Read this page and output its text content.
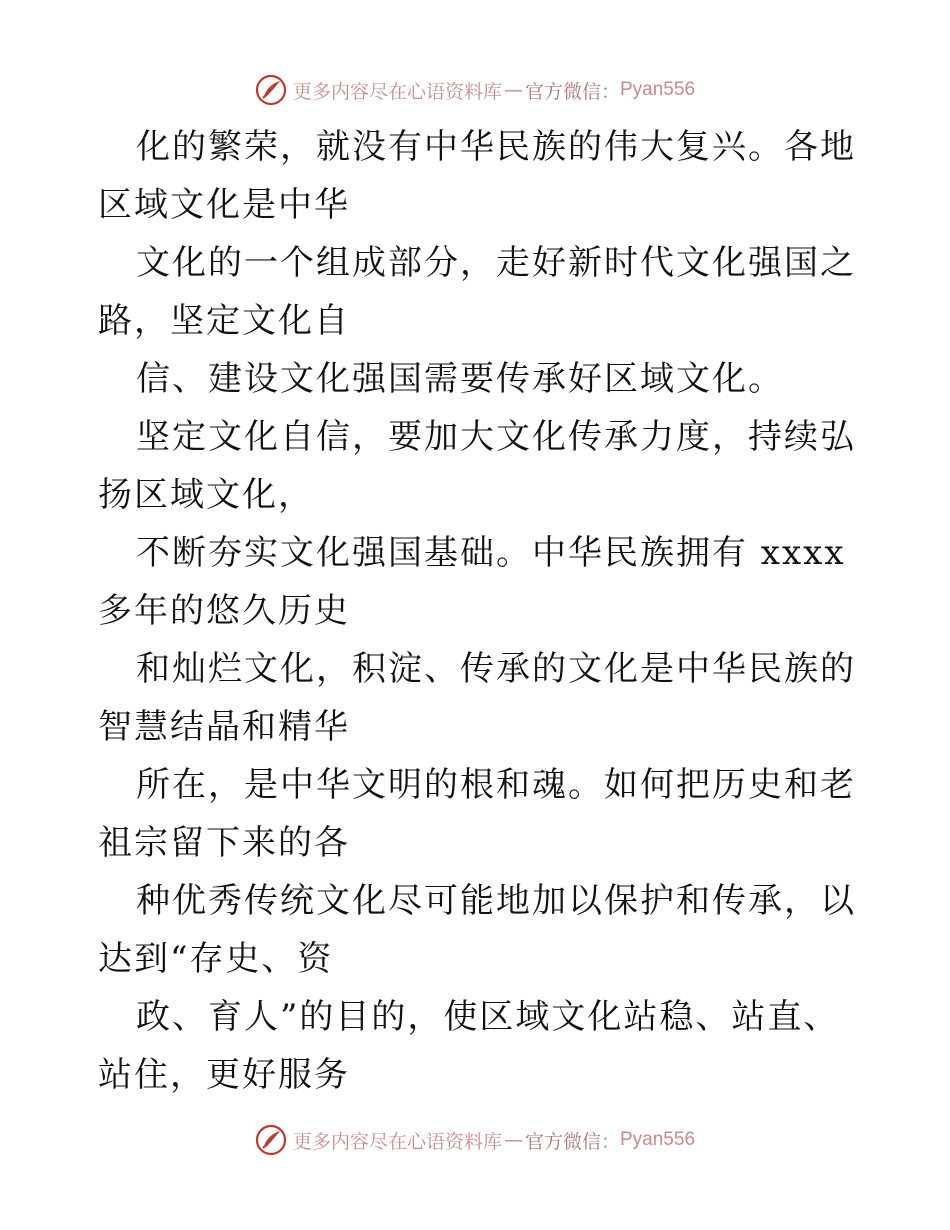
更多内容尽在心语资料库 — 官方微信： Pyan556

化的繁荣，就没有中华民族的伟大复兴。各地区域文化是中华

文化的一个组成部分，走好新时代文化强国之路，坚定文化自

信、建设文化强国需要传承好区域文化。

坚定文化自信，要加大文化传承力度，持续弘扬区域文化，

不断夯实文化强国基础。中华民族拥有 xxxx 多年的悠久历史

和灿烂文化，积淀、传承的文化是中华民族的智慧结晶和精华

所在，是中华文明的根和魂。如何把历史和老祖宗留下来的各

种优秀传统文化尽可能地加以保护和传承，以达到“存史、资

政、育人”的目的，使区域文化站稳、站直、站住，更好服务

更多内容尽在心语资料库 — 官方微信： Pyan556
